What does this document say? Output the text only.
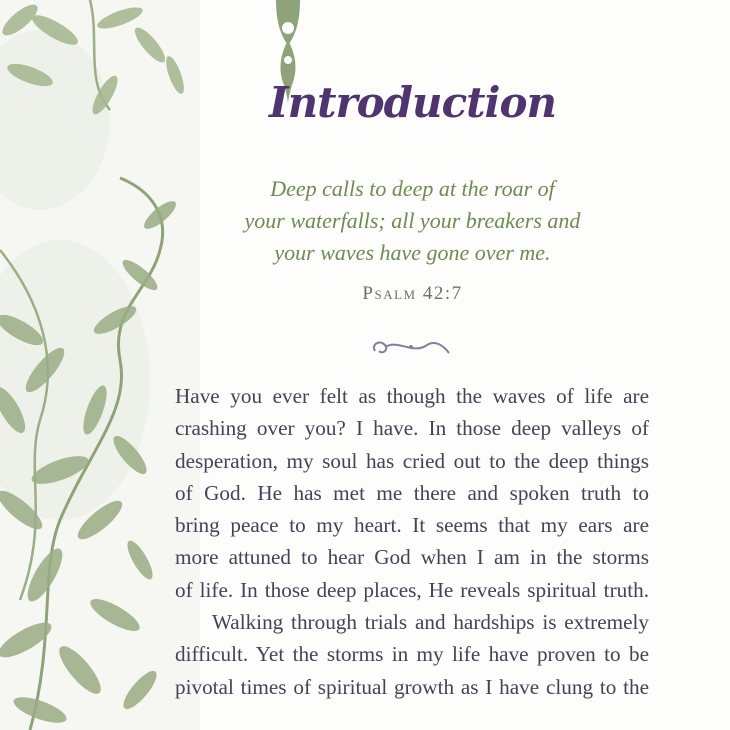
Introduction
Deep calls to deep at the roar of
your waterfalls; all your breakers and
your waves have gone over me.
Psalm 42:7
Have you ever felt as though the waves of life are
crashing over you? I have. In those deep valleys of
desperation, my soul has cried out to the deep things
of God. He has met me there and spoken truth to
bring peace to my heart. It seems that my ears are
more attuned to hear God when I am in the storms
of life. In those deep places, He reveals spiritual truth.
Walking through trials and hardships is extremely
difficult. Yet the storms in my life have proven to be
pivotal times of spiritual growth as I have clung to the
